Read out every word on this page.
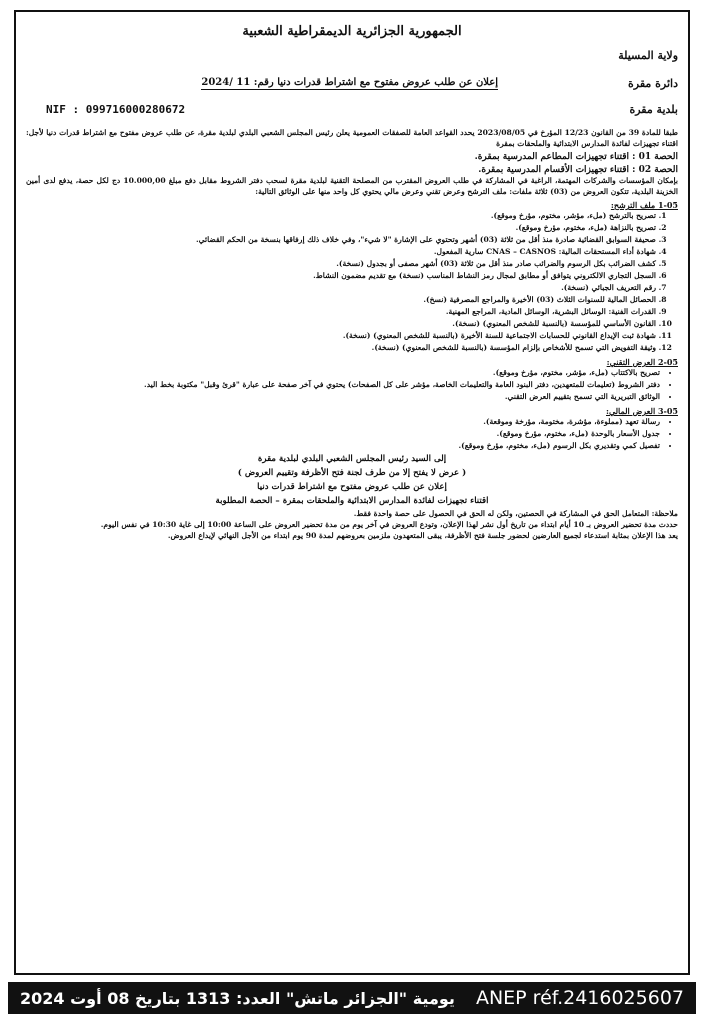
الجمهورية الجزائرية الديمقراطية الشعبية
ولاية المسيلة
دائرة مقرة
بلدية مقرة
إعلان عن طلب عروض مفتوح مع اشتراط قدرات دنيا رقم: 11 /2024
NIF : 099716000280672
طبقا للمادة 39 من القانون 12/23 المؤرخ في 2023/08/05 يحدد القواعد العامة للصفقات العمومية يعلن رئيس المجلس الشعبي البلدي لبلدية مقرة، عن طلب عروض مفتوح مع اشتراط قدرات دنيا لأجل: اقتناء تجهيزات لفائدة المدارس الابتدائية والملحقات بمقرة
الحصة 01 : اقتناء تجهيزات المطاعم المدرسية بمقرة.
الحصة 02 : اقتناء تجهيزات الأقسام المدرسية بمقرة.
بإمكان المؤسسات والشركات المهتمة، الراغبة في المشاركة في طلب العروض المقترب من المصلحة التقنية لبلدية مقرة لسحب دفتر الشروط مقابل دفع مبلغ 10.000,00 دج لكل حصة، يدفع لدى أمين الخزينة البلدية، تتكون العروض من (03) ثلاثة ملفات: ملف الترشح وعرض تقني وعرض مالي يحتوي كل واحد منها على الوثائق التالية:
1-05 ملف الترشح:
1. تصريح بالترشح (ملء، مؤشر، مختوم، مؤرخ وموقع).
2. تصريح بالنزاهة (ملء، مختوم، مؤرخ وموقع).
3. صحيفة السوابق القضائية صادرة منذ أقل من ثلاثة (03) أشهر وتحتوي على الإشارة "لا شيء"، وفي خلاف ذلك إرفاقها بنسخة من الحكم القضائي.
4. شهادة أداء المستحقات المالية: CNAS – CASNOS سارية المفعول.
5. كشف الضرائب بكل الرسوم والضرائب صادر منذ أقل من ثلاثة (03) أشهر مصفى أو بجدول (نسخة).
6. السجل التجاري الالكتروني يتوافق أو مطابق لمجال رمز النشاط المناسب (نسخة) مع تقديم مضمون النشاط.
7. رقم التعريف الجبائي (نسخة).
8. الحصائل المالية للسنوات الثلاث (03) الأخيرة والمراجع المصرفية (نسخ).
9. القدرات الفنية: الوسائل البشرية، الوسائل المادية، المراجع المهنية.
10. القانون الأساسي للمؤسسة (بالنسبة للشخص المعنوي) (نسخة).
11. شهادة ثبت الإيداع القانوني للحسابات الاجتماعية للسنة الأخيرة (بالنسبة للشخص المعنوي) (نسخة).
12. وثيقة التفويض التي تسمح للأشخاص بإلزام المؤسسة (بالنسبة للشخص المعنوي) (نسخة).
2-05 العرض التقني:
• تصريح بالاكتتاب (ملء، مؤشر، مختوم، مؤرخ وموقع).
• دفتر الشروط (تعليمات للمتعهدين، دفتر البنود العامة والتعليمات الخاصة، مؤشر على كل الصفحات) يحتوي في آخر صفحة على عبارة "قرئ وقبل" مكتوبة بخط اليد.
• الوثائق التبريرية التي تسمح بتقييم العرض التقني.
3-05 العرض المالي:
• رسالة تعهد (مملوءة، مؤشرة، مختومة، مؤرخة وموقعة).
• جدول الأسعار بالوحدة (ملء، مختوم، مؤرخ وموقع).
• تفصيل كمي وتقديري بكل الرسوم (ملء، مختوم، مؤرخ وموقع).
إلى السيد رئيس المجلس الشعبي البلدي لبلدية مقرة
( عرض لا يفتح إلا من طرف لجنة فتح الأظرفة وتقييم العروض )
إعلان عن طلب عروض مفتوح مع اشتراط قدرات دنيا
اقتناء تجهيزات لفائدة المدارس الابتدائية والملحقات بمقرة – الحصة المطلوبة
ملاحظة: المتعامل الحق في المشاركة في الحصتين، ولكن له الحق في الحصول على حصة واحدة فقط.
حددت مدة تحضير العروض بـ 10 أيام ابتداء من تاريخ أول نشر لهذا الإعلان، وتودع العروض في آخر يوم من مدة تحضير العروض على الساعة 10:00 إلى غاية 10:30 في نفس اليوم.
يعد هذا الإعلان بمثابة استدعاء لجميع العارضين لحضور جلسة فتح الأظرفة، يبقى المتعهدون ملزمين بعروضهم لمدة 90 يوم ابتداء من الأجل النهائي لإيداع العروض.
يومية "الجزائر ماتش" العدد: 1313 بتاريخ 08 أوت 2024 ANEP réf.2416025607
